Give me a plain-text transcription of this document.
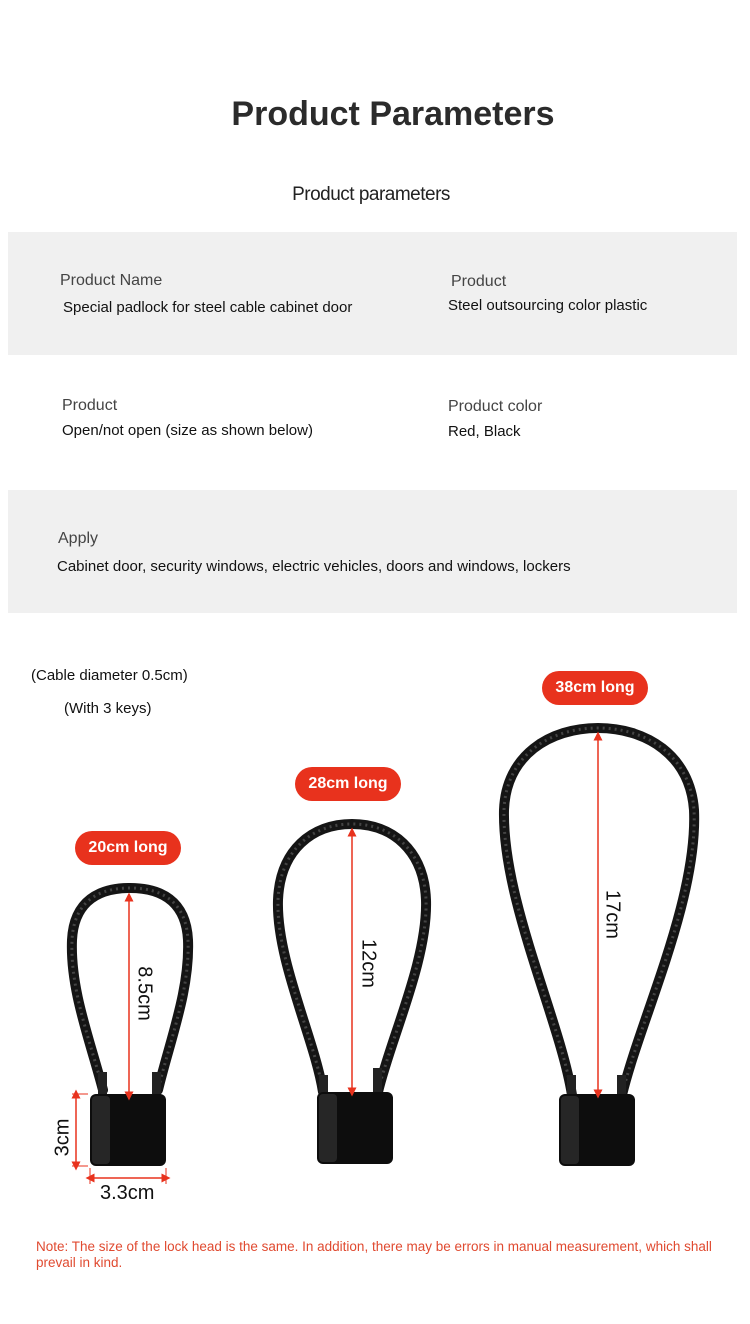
Product Parameters
Product parameters
Product Name
Special padlock for steel cable cabinet door
Product
Steel outsourcing color plastic
Product
Open/not open (size as shown below)
Product color
Red, Black
Apply
Cabinet door, security windows, electric vehicles, doors and windows, lockers
(Cable diameter 0.5cm)
(With 3 keys)
20cm long
28cm long
38cm long
8.5cm
12cm
17cm
3cm
3.3cm
Note: The size of the lock head is the same. In addition, there may be errors in manual measurement, which shall prevail in kind.
